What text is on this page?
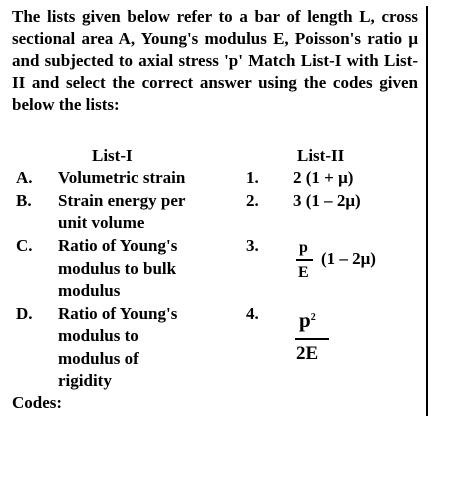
The lists given below refer to a bar of length L, cross sectional area A, Young's modulus E, Poisson's ratio μ and subjected to axial stress 'p' Match List-I with List-II and select the correct answer using the codes given below the lists:
List-I	List-II
A. Volumetric strain
B. Strain energy per
unit volume
C. Ratio of Young's
modulus to bulk
modulus
D. Ratio of Young's
modulus to
modulus of
rigidity
1. 2 (1 + μ)
2. 3 (1 – 2μ)
3.	p
E
(1 – 2μ)
4. $p^2$
2E
Codes:
